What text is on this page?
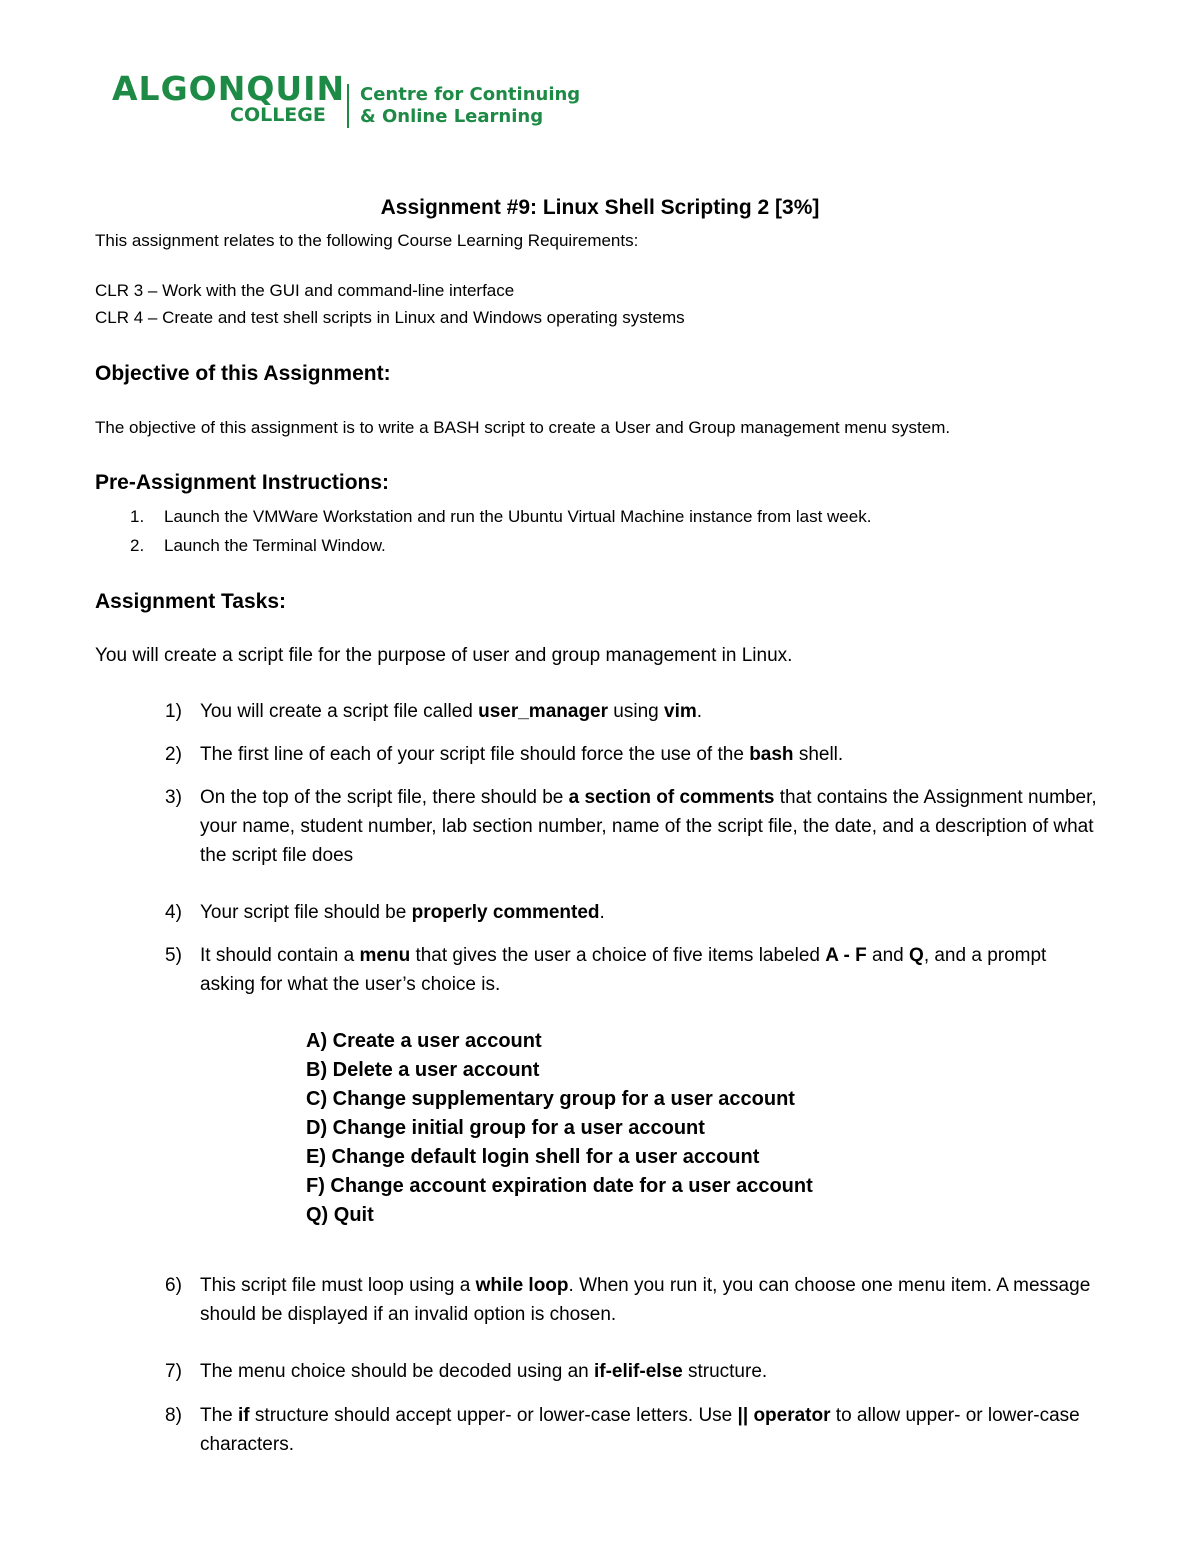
ALGONQUIN
COLLEGE
Centre for Continuing
& Online Learning
Assignment #9: Linux Shell Scripting 2 [3%]
This assignment relates to the following Course Learning Requirements:
CLR 3 – Work with the GUI and command-line interface
CLR 4 – Create and test shell scripts in Linux and Windows operating systems
Objective of this Assignment:
The objective of this assignment is to write a BASH script to create a User and Group management menu system.
Pre-Assignment Instructions:
1. Launch the VMWare Workstation and run the Ubuntu Virtual Machine instance from last week.
2. Launch the Terminal Window.
Assignment Tasks:
You will create a script file for the purpose of user and group management in Linux.
1) You will create a script file called user_manager using vim.
2) The first line of each of your script file should force the use of the bash shell.
3) On the top of the script file, there should be a section of comments that contains the Assignment number, your name, student number, lab section number, name of the script file, the date, and a description of what the script file does
4) Your script file should be properly commented.
5) It should contain a menu that gives the user a choice of five items labeled A - F and Q, and a prompt asking for what the user’s choice is.
A) Create a user account
B) Delete a user account
C) Change supplementary group for a user account
D) Change initial group for a user account
E) Change default login shell for a user account
F) Change account expiration date for a user account
Q) Quit
6) This script file must loop using a while loop. When you run it, you can choose one menu item. A message should be displayed if an invalid option is chosen.
7) The menu choice should be decoded using an if-elif-else structure.
8) The if structure should accept upper- or lower-case letters. Use || operator to allow upper- or lower-case characters.
